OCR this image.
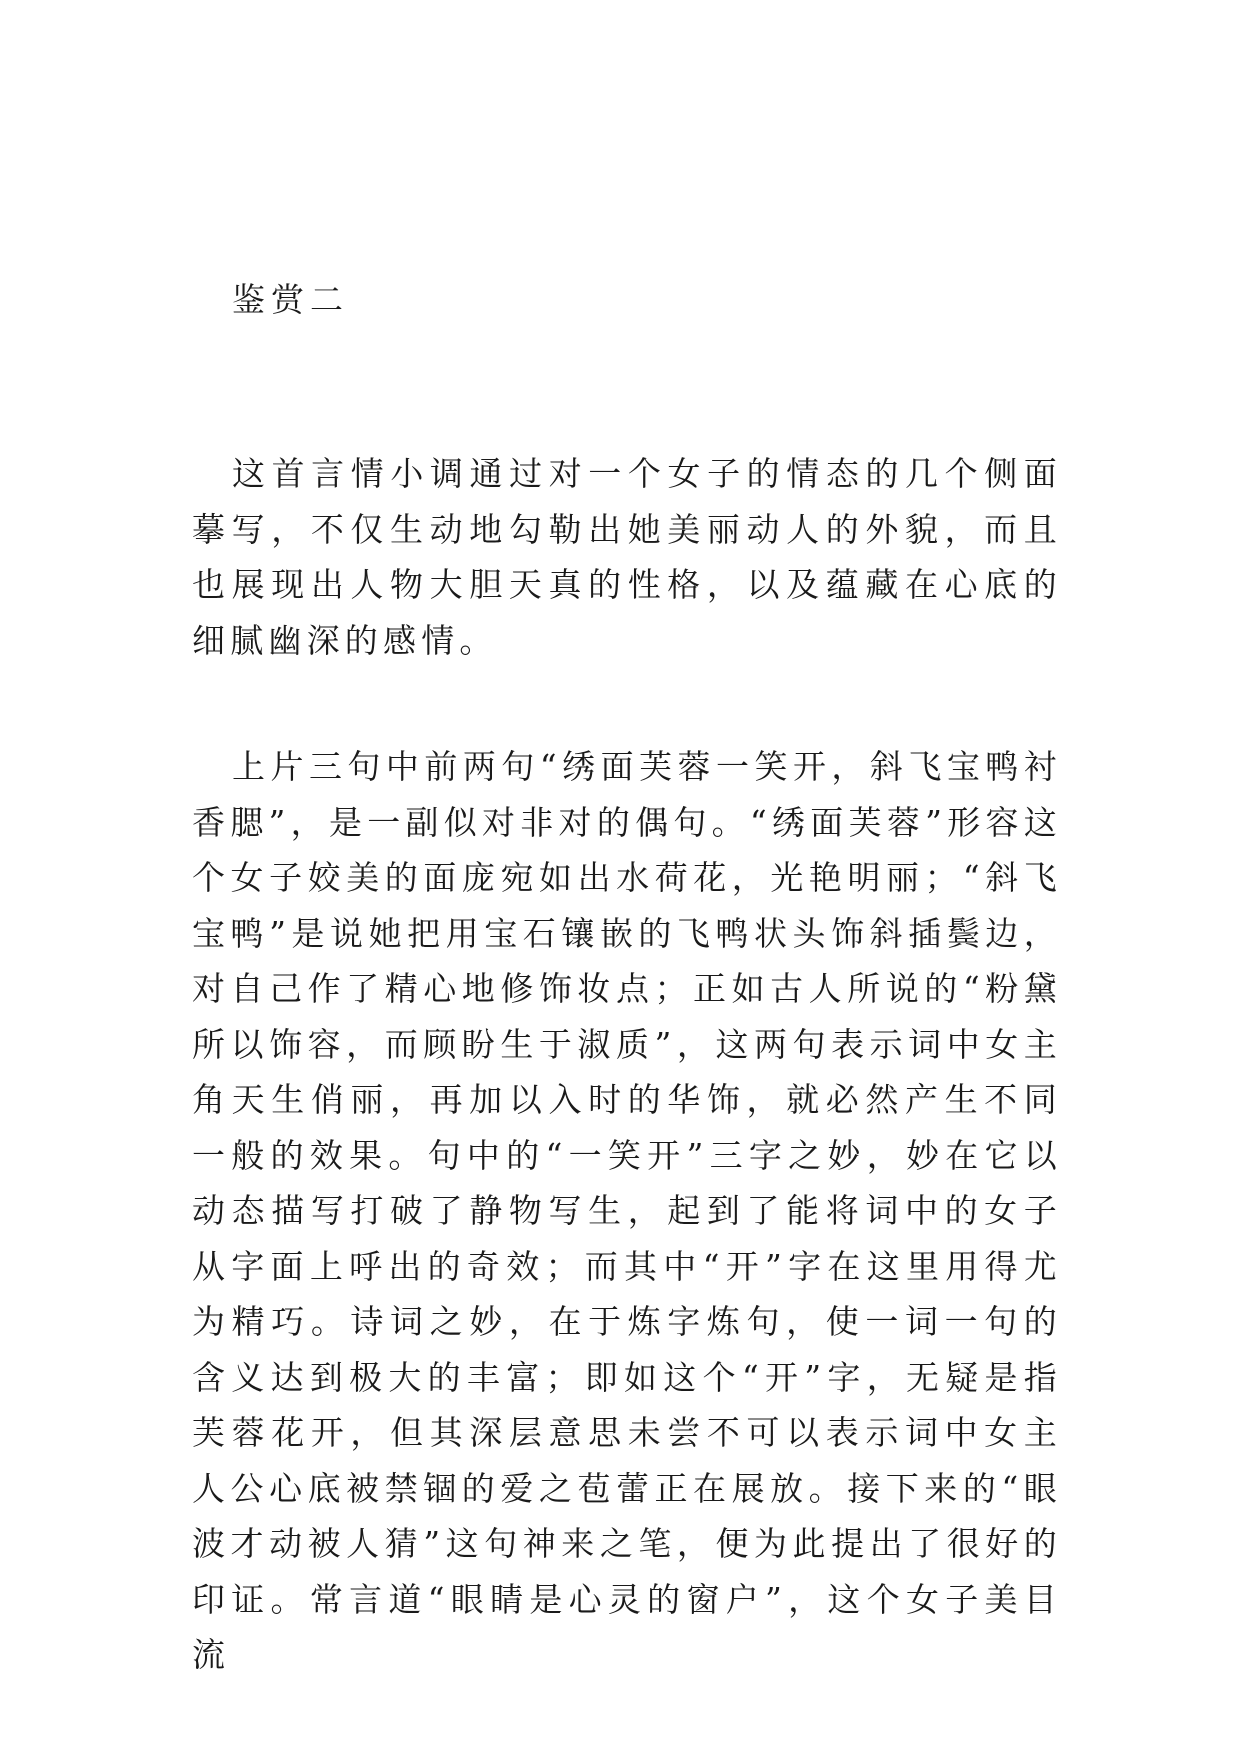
鉴赏二

这首言情小调通过对一个女子的情态的几个侧面摹写，不仅生动地勾勒出她美丽动人的外貌，而且也展现出人物大胆天真的性格，以及蕴藏在心底的细腻幽深的感情。

上片三句中前两句“绣面芙蓉一笑开，斜飞宝鸭衬香腮”，是一副似对非对的偶句。“绣面芙蓉”形容这个女子姣美的面庞宛如出水荷花，光艳明丽；“斜飞宝鸭”是说她把用宝石镶嵌的飞鸭状头饰斜插鬓边，对自己作了精心地修饰妆点；正如古人所说的“粉黛所以饰容，而顾盼生于淑质”，这两句表示词中女主角天生俏丽，再加以入时的华饰，就必然产生不同一般的效果。句中的“一笑开”三字之妙，妙在它以动态描写打破了静物写生，起到了能将词中的女子从字面上呼出的奇效；而其中“开”字在这里用得尤为精巧。诗词之妙，在于炼字炼句，使一词一句的含义达到极大的丰富；即如这个“开”字，无疑是指芙蓉花开，但其深层意思未尝不可以表示词中女主人公心底被禁锢的爱之苞蕾正在展放。接下来的“眼波才动被人猜”这句神来之笔，便为此提出了很好的印证。常言道“眼睛是心灵的窗户”，这个女子美目流
